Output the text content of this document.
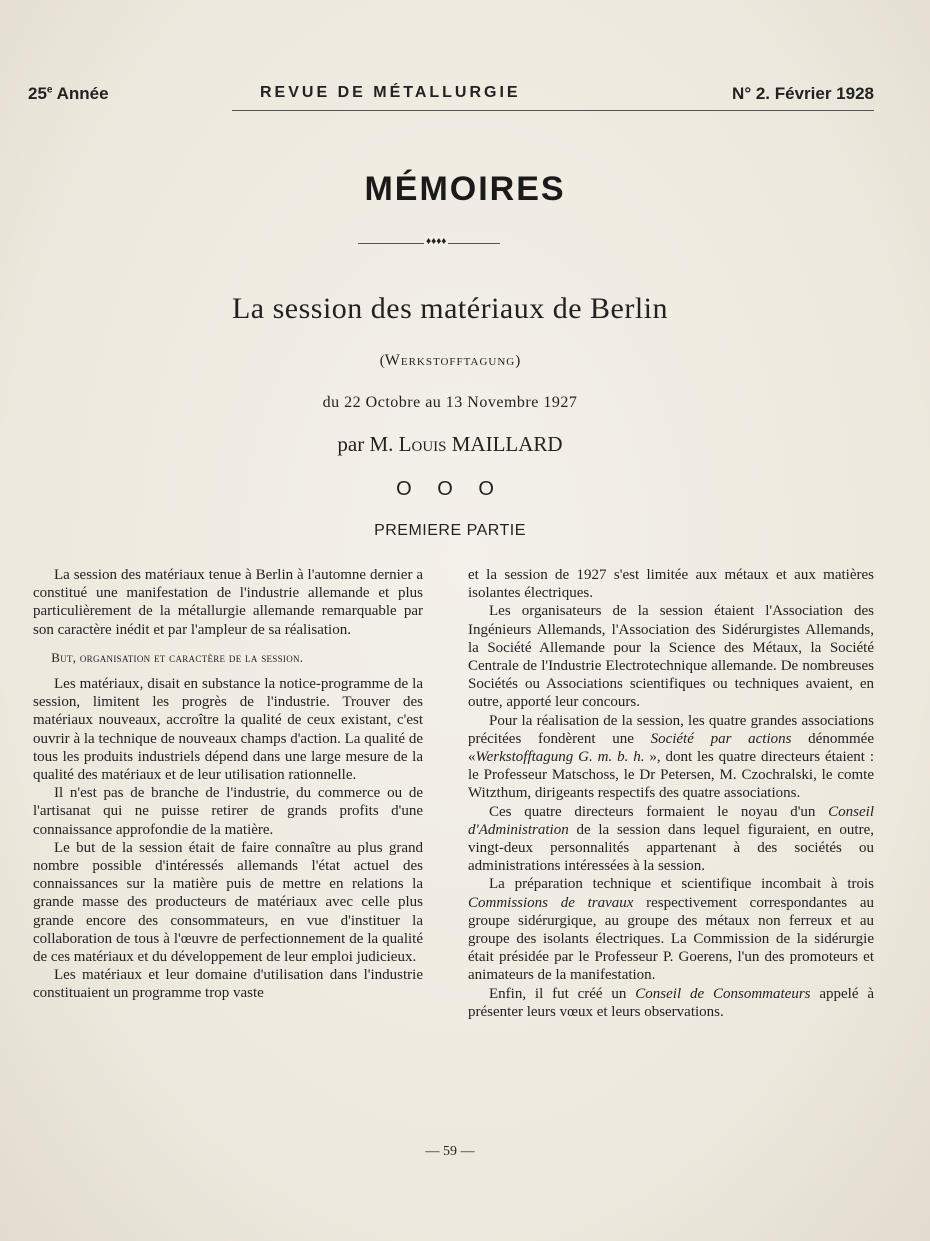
25e Année	REVUE DE MÉTALLURGIE	N° 2. Février 1928
MÉMOIRES
♦♦♦♦
La session des matériaux de Berlin
(Werkstofftagung)
du 22 Octobre au 13 Novembre 1927
par M. Louis MAILLARD
O O O
PREMIERE PARTIE

La session des matériaux tenue à Berlin à l'automne dernier a constitué une manifestation de l'industrie allemande et plus particulièrement de la métallurgie allemande remarquable par son caractère inédit et par l'ampleur de sa réalisation.

But, organisation et caractère de la session.

Les matériaux, disait en substance la notice-programme de la session, limitent les progrès de l'industrie. Trouver des matériaux nouveaux, accroître la qualité de ceux existant, c'est ouvrir à la technique de nouveaux champs d'action. La qualité de tous les produits industriels dépend dans une large mesure de la qualité des matériaux et de leur utilisation rationnelle.

Il n'est pas de branche de l'industrie, du commerce ou de l'artisanat qui ne puisse retirer de grands profits d'une connaissance approfondie de la matière.

Le but de la session était de faire connaître au plus grand nombre possible d'intéressés allemands l'état actuel des connaissances sur la matière puis de mettre en relations la grande masse des producteurs de matériaux avec celle plus grande encore des consommateurs, en vue d'instituer la collaboration de tous à l'œuvre de perfectionnement de la qualité de ces matériaux et du développement de leur emploi judicieux.

Les matériaux et leur domaine d'utilisation dans l'industrie constituaient un programme trop vaste

et la session de 1927 s'est limitée aux métaux et aux matières isolantes électriques.

Les organisateurs de la session étaient l'Association des Ingénieurs Allemands, l'Association des Sidérurgistes Allemands, la Société Allemande pour la Science des Métaux, la Société Centrale de l'Industrie Electrotechnique allemande. De nombreuses Sociétés ou Associations scientifiques ou techniques avaient, en outre, apporté leur concours.

Pour la réalisation de la session, les quatre grandes associations précitées fondèrent une Société par actions dénommée «Werkstofftagung G. m. b. h. », dont les quatre directeurs étaient : le Professeur Matschoss, le Dr Petersen, M. Czochralski, le comte Witzthum, dirigeants respectifs des quatre associations.

Ces quatre directeurs formaient le noyau d'un Conseil d'Administration de la session dans lequel figuraient, en outre, vingt-deux personnalités appartenant à des sociétés ou administrations intéressées à la session.

La préparation technique et scientifique incombait à trois Commissions de travaux respectivement correspondantes au groupe sidérurgique, au groupe des métaux non ferreux et au groupe des isolants électriques. La Commission de la sidérurgie était présidée par le Professeur P. Goerens, l'un des promoteurs et animateurs de la manifestation.

Enfin, il fut créé un Conseil de Consommateurs appelé à présenter leurs vœux et leurs observations.

— 59 —
